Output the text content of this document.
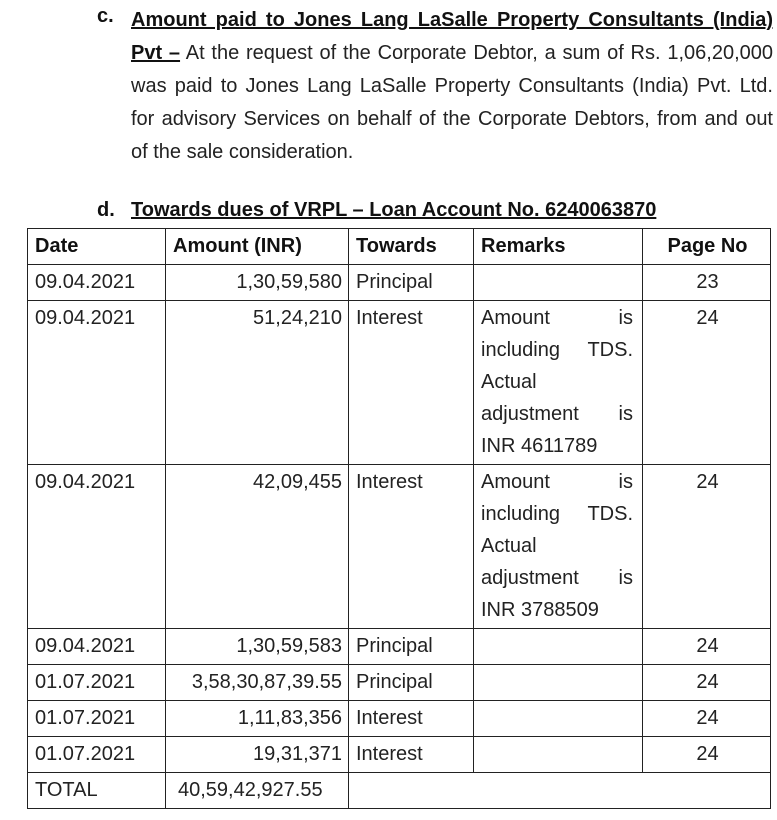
c. Amount paid to Jones Lang LaSalle Property Consultants (India) Pvt – At the request of the Corporate Debtor, a sum of Rs. 1,06,20,000 was paid to Jones Lang LaSalle Property Consultants (India) Pvt. Ltd. for advisory Services on behalf of the Corporate Debtors, from and out of the sale consideration.
d. Towards dues of VRPL – Loan Account No. 6240063870
Date	Amount (INR)	Towards	Remarks	Page No
09.04.2021	1,30,59,580	Principal		23
09.04.2021	51,24,210	Interest	Amount is including TDS. Actual adjustment is INR 4611789	24
09.04.2021	42,09,455	Interest	Amount is including TDS. Actual adjustment is INR 3788509	24
09.04.2021	1,30,59,583	Principal		24
01.07.2021	3,58,30,87,39.55	Principal		24
01.07.2021	1,11,83,356	Interest		24
01.07.2021	19,31,371	Interest		24
TOTAL	40,59,42,927.55			
